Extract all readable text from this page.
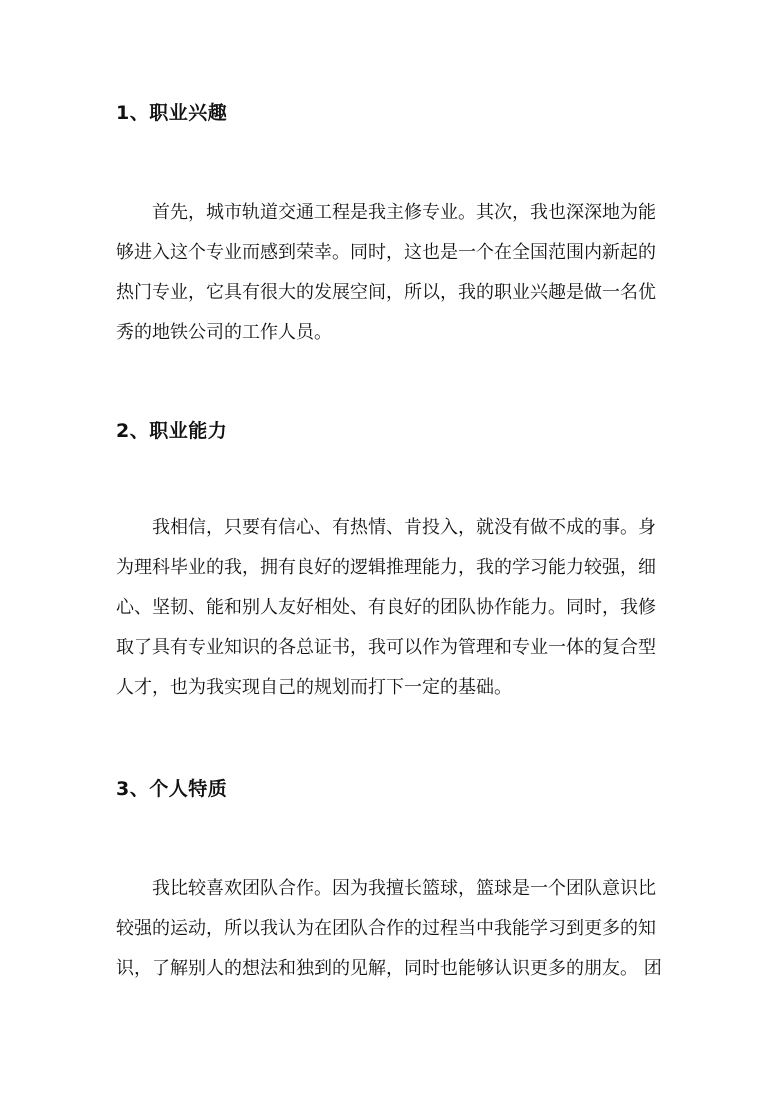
1、职业兴趣
首先，城市轨道交通工程是我主修专业。其次，我也深深地为能
够进入这个专业而感到荣幸。同时，这也是一个在全国范围内新起的
热门专业，它具有很大的发展空间，所以，我的职业兴趣是做一名优
秀的地铁公司的工作人员。
2、职业能力
我相信，只要有信心、有热情、肯投入，就没有做不成的事。身
为理科毕业的我，拥有良好的逻辑推理能力，我的学习能力较强，细
心、坚韧、能和别人友好相处、有良好的团队协作能力。同时，我修
取了具有专业知识的各总证书，我可以作为管理和专业一体的复合型
人才，也为我实现自己的规划而打下一定的基础。
3、个人特质
我比较喜欢团队合作。因为我擅长篮球，篮球是一个团队意识比
较强的运动，所以我认为在团队合作的过程当中我能学习到更多的知
识，了解别人的想法和独到的见解，同时也能够认识更多的朋友。 团
